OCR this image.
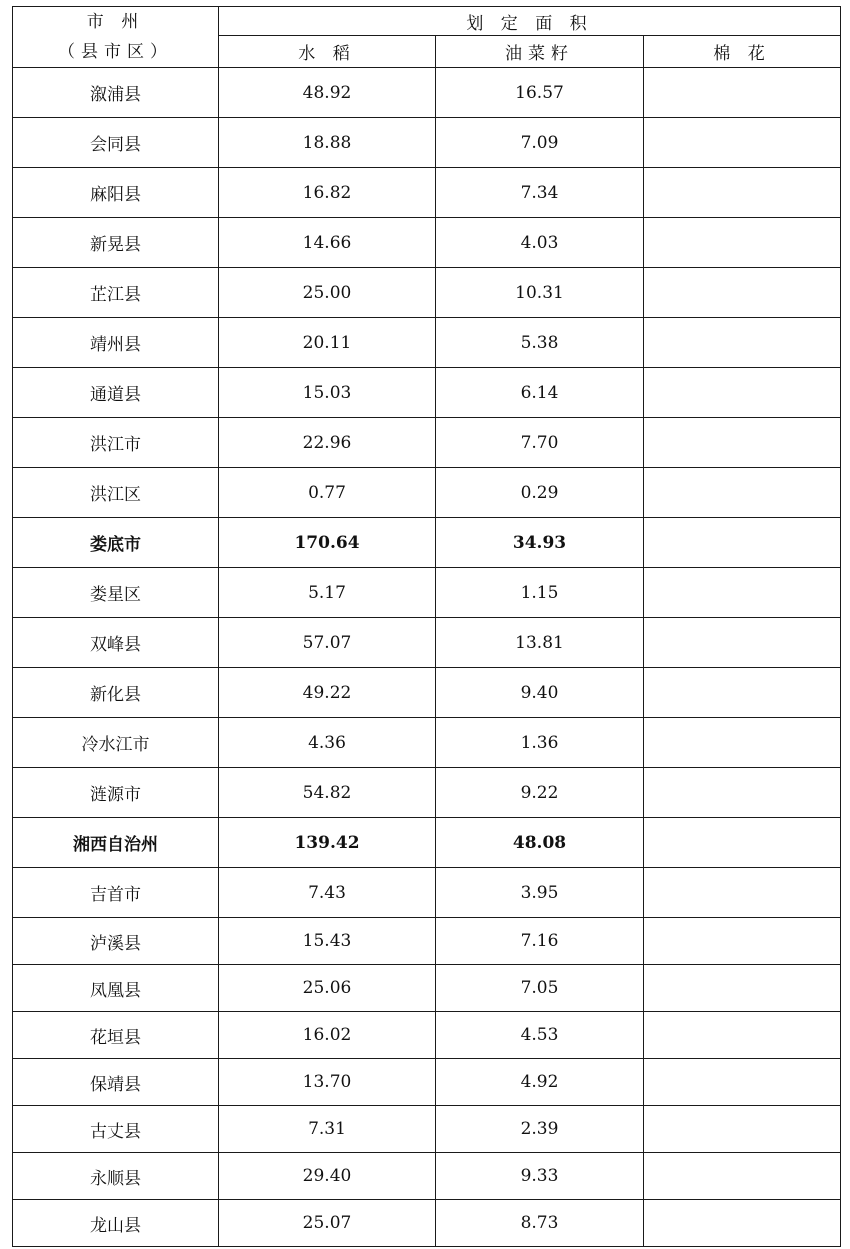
市 州
（县市区）	划 定 面 积		
	水 稻	油菜籽	棉 花
溆浦县	48.92	16.57	
会同县	18.88	7.09	
麻阳县	16.82	7.34	
新晃县	14.66	4.03	
芷江县	25.00	10.31	
靖州县	20.11	5.38	
通道县	15.03	6.14	
洪江市	22.96	7.70	
洪江区	0.77	0.29	
娄底市	170.64	34.93	
娄星区	5.17	1.15	
双峰县	57.07	13.81	
新化县	49.22	9.40	
冷水江市	4.36	1.36	
涟源市	54.82	9.22	
湘西自治州	139.42	48.08	
吉首市	7.43	3.95	
泸溪县	15.43	7.16	
凤凰县	25.06	7.05	
花垣县	16.02	4.53	
保靖县	13.70	4.92	
古丈县	7.31	2.39	
永顺县	29.40	9.33	
龙山县	25.07	8.73	
